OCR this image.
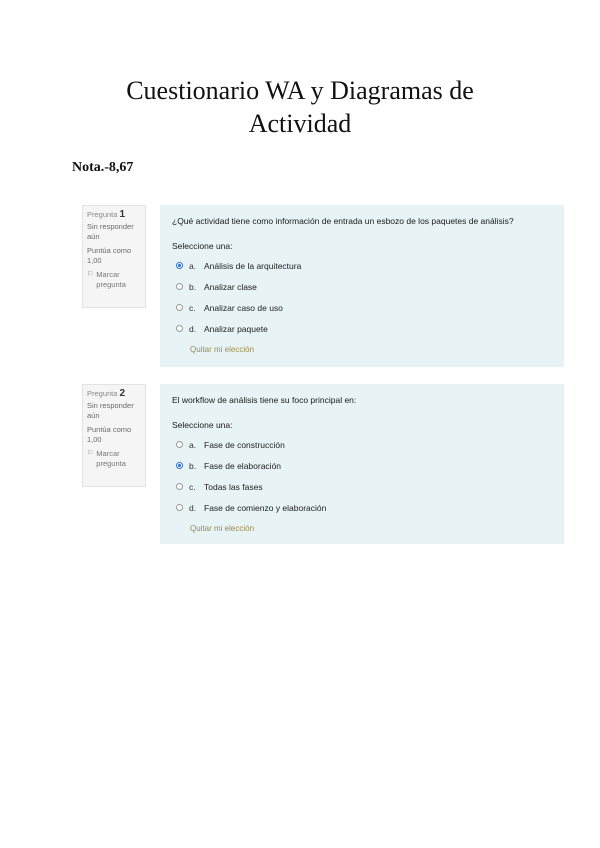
Cuestionario WA y Diagramas de
Actividad
Nota.-8,67
Pregunta 1
Sin responder aún
Puntúa como 1,00
⚐ Marcar pregunta
¿Qué actividad tiene como información de entrada un esbozo de los paquetes de análisis?
Seleccione una:
a. Análisis de la arquitectura
b. Analizar clase
c. Analizar caso de uso
d. Analizar paquete
Quitar mi elección
Pregunta 2
Sin responder aún
Puntúa como 1,00
⚐ Marcar pregunta
El workflow de análisis tiene su foco principal en:
Seleccione una:
a. Fase de construcción
b. Fase de elaboración
c. Todas las fases
d. Fase de comienzo y elaboración
Quitar mi elección
